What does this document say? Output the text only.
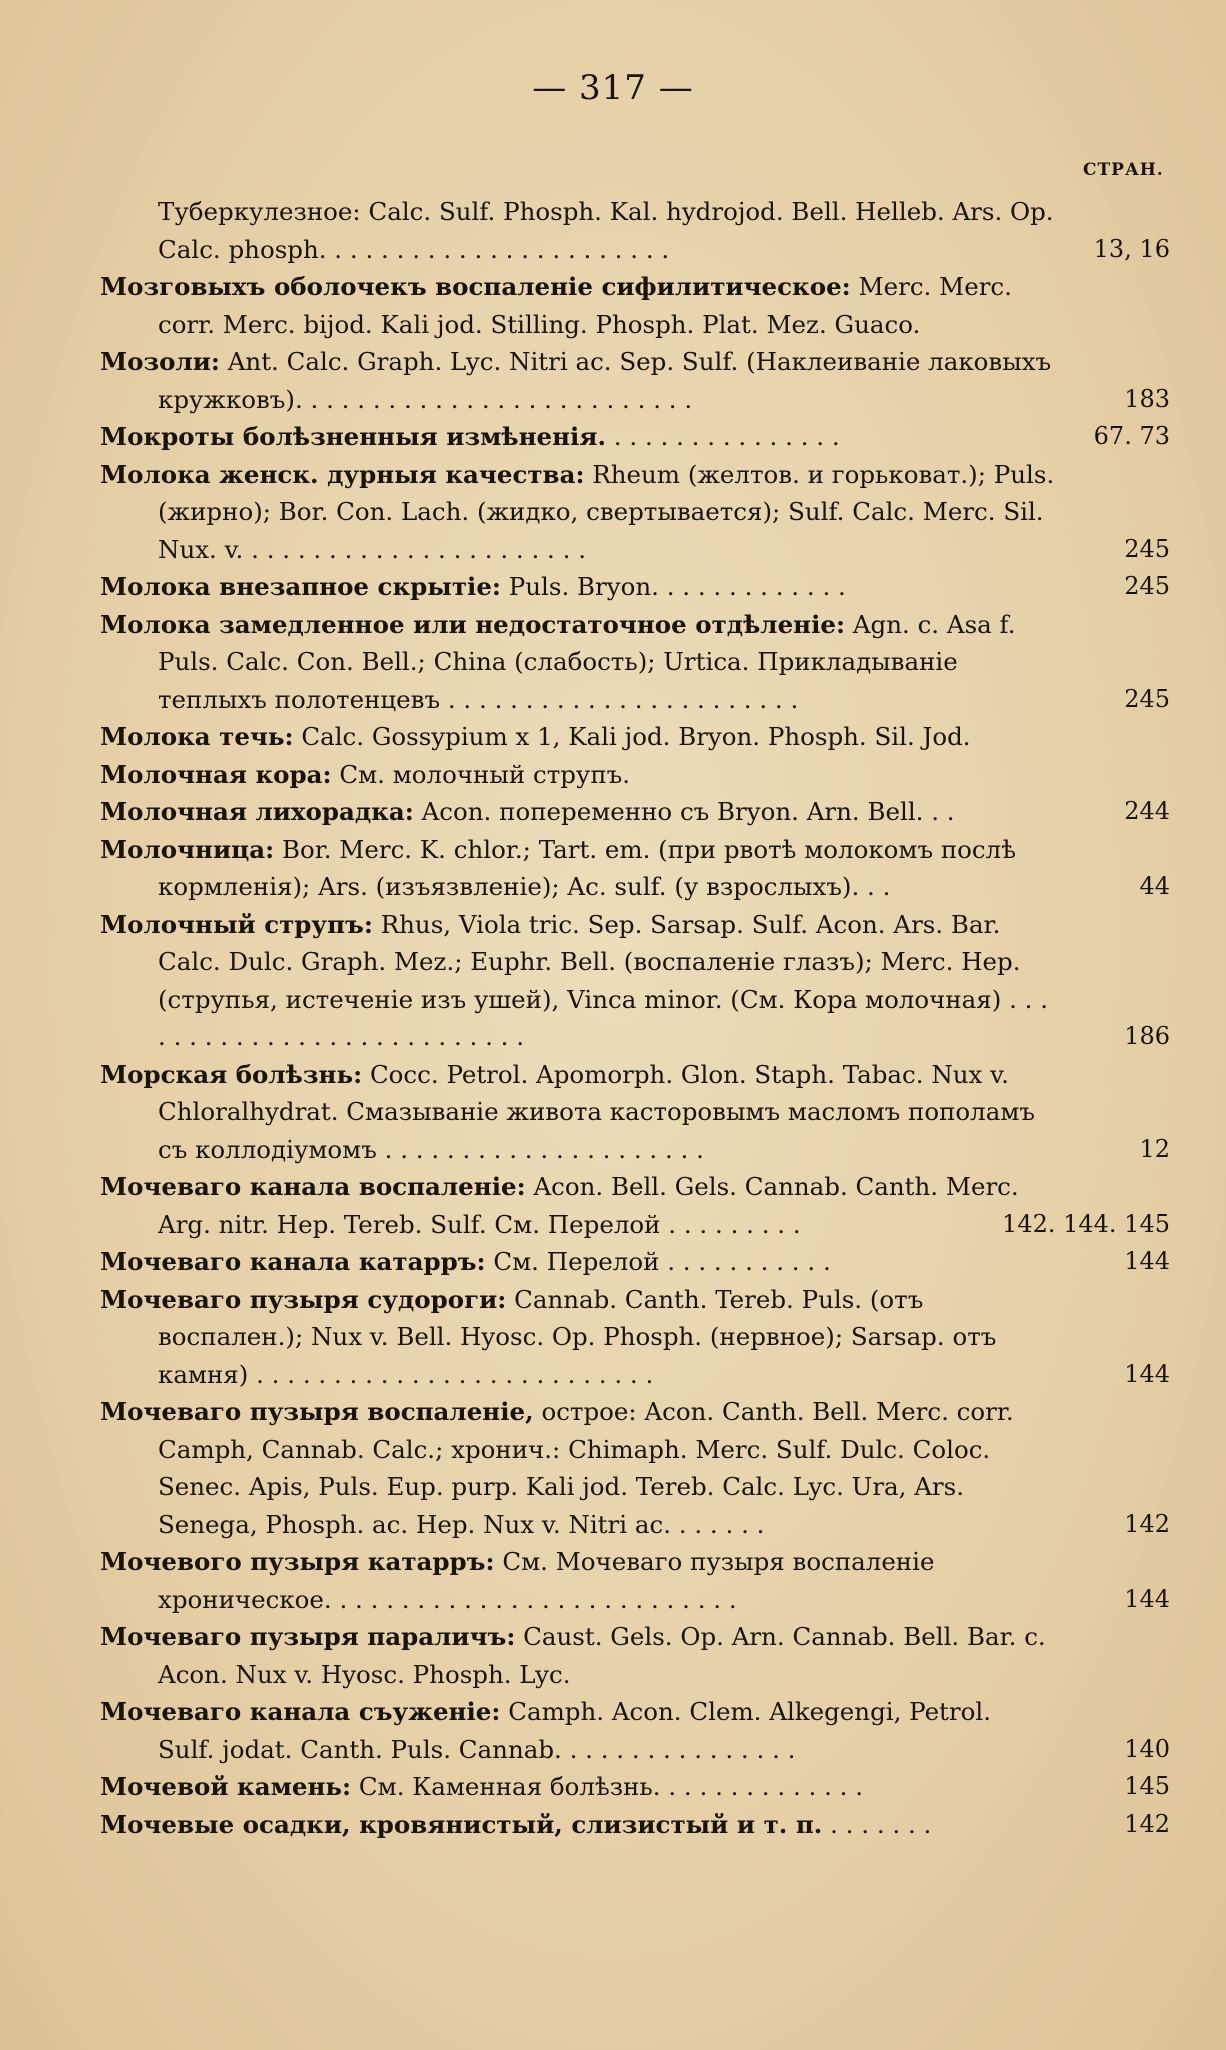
— 317 —
СТРАН.
Туберкулезное: Calc. Sulf. Phosph. Kal. hydrojod. Bell. Helleb. Ars. Op. Calc. phosph. . . . . . . . . . . . . . . . . . . . . . .	13, 16
Мозговыхъ оболочекъ воспаленіе сифилитическое: Merc. Merc. corr. Merc. bijod. Kali jod. Stilling. Phosph. Plat. Mez. Guaco.
Мозоли: Ant. Calc. Graph. Lyc. Nitri ac. Sep. Sulf. (Наклеиваніе лаковыхъ кружковъ). . . . . . . . . . . . . . . . . . . . . . . . . .	183
Мокроты болѣзненныя измѣненія. . . . . . . . . . . . . . . .	67. 73
Молока женск. дурныя качества: Rheum (желтов. и горьковат.); Puls. (жирно); Bor. Con. Lach. (жидко, свертывается); Sulf. Calc. Merc. Sil. Nux. v. . . . . . . . . . . . . . . . . . . . . . .	245
Молока внезапное скрытіе: Puls. Bryon. . . . . . . . . . . . .	245
Молока замедленное или недостаточное отдѣленіе: Agn. c. Asa f. Puls. Calc. Con. Bell.; China (слабость); Urtica. Прикладываніе теплыхъ полотенцевъ . . . . . . . . . . . . . . . . . . . . . . .	245
Молока течь: Calc. Gossypium x 1, Kali jod. Bryon. Phosph. Sil. Jod.
Молочная кора: См. молочный струпъ.
Молочная лихорадка: Acon. попеременно съ Bryon. Arn. Bell. . .	244
Молочница: Bor. Merc. K. chlor.; Tart. em. (при рвотѣ молокомъ послѣ кормленія); Ars. (изъязвленіе); Ac. sulf. (у взрослыхъ). . .	44
Молочный струпъ: Rhus, Viola tric. Sep. Sarsap. Sulf. Acon. Ars. Bar. Calc. Dulc. Graph. Mez.; Euphr. Bell. (воспаленіе глазъ); Merc. Hep. (струпья, истеченіе изъ ушей), Vinca minor. (См. Кора молочная) . . . . . . . . . . . . . . . . . . . . . . . . . . .	186
Морская болѣзнь: Cocc. Petrol. Apomorph. Glon. Staph. Tabac. Nux v. Chloralhydrat. Смазываніе живота касторовымъ масломъ пополамъ съ коллодіумомъ . . . . . . . . . . . . . . . . . . . . .	12
Мочеваго канала воспаленіе: Acon. Bell. Gels. Cannab. Canth. Merc. Arg. nitr. Hep. Tereb. Sulf. См. Перелой . . . . . . . . .	142. 144. 145
Мочеваго канала катарръ: См. Перелой . . . . . . . . . . .	144
Мочеваго пузыря судороги: Cannab. Canth. Tereb. Puls. (отъ воспален.); Nux v. Bell. Hyosc. Op. Phosph. (нервное); Sarsap. отъ камня) . . . . . . . . . . . . . . . . . . . . . . . . . .	144
Мочеваго пузыря воспаленіе, острое: Acon. Canth. Bell. Merc. corr. Camph, Cannab. Calc.; хронич.: Chimaph. Merc. Sulf. Dulc. Coloc. Senec. Apis, Puls. Eup. purp. Kali jod. Tereb. Calc. Lyc. Ura, Ars. Senega, Phosph. ac. Hep. Nux v. Nitri ac. . . . . . .	142
Мочевого пузыря катарръ: См. Мочеваго пузыря воспаленіе хроническое. . . . . . . . . . . . . . . . . . . . . . . . . . .	144
Мочеваго пузыря параличъ: Caust. Gels. Op. Arn. Cannab. Bell. Bar. c. Acon. Nux v. Hyosc. Phosph. Lyc.
Мочеваго канала съуженіе: Camph. Acon. Clem. Alkegengi, Petrol. Sulf. jodat. Canth. Puls. Cannab. . . . . . . . . . . . . . . .	140
Мочевой камень: См. Каменная болѣзнь. . . . . . . . . . . . . .	145
Мочевые осадки, кровянистый, слизистый и т. п. . . . . . . .	142
